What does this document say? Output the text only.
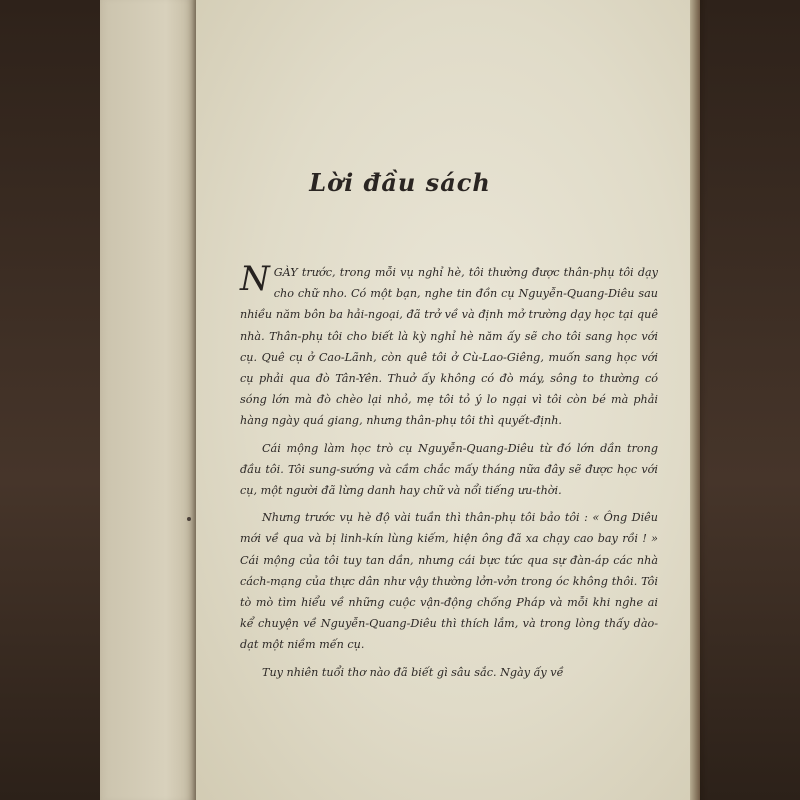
Lời đầu sách

NGÀY trước, trong mỗi vụ nghỉ hè, tôi thường được thân-phụ tôi dạy cho chữ nho. Có một bạn, nghe tin đồn cụ Nguyễn-Quang-Diêu sau nhiều năm bôn ba hải-ngoại, đã trở về và định mở trường dạy học tại quê nhà. Thân-phụ tôi cho biết là kỳ nghỉ hè năm ấy sẽ cho tôi sang học với cụ. Quê cụ ở Cao-Lãnh, còn quê tôi ở Cù-Lao-Giêng, muốn sang học với cụ phải qua đò Tân-Yên. Thuở ấy không có đò máy, sông to thường có sóng lớn mà đò chèo lại nhỏ, mẹ tôi tỏ ý lo ngại vì tôi còn bé mà phải hàng ngày quá giang, nhưng thân-phụ tôi thì quyết-định.

Cái mộng làm học trò cụ Nguyễn-Quang-Diêu từ đó lớn dần trong đầu tôi. Tôi sung-sướng và cầm chắc mấy tháng nữa đây sẽ được học với cụ, một người đã lừng danh hay chữ và nổi tiếng ưu-thời.

Nhưng trước vụ hè độ vài tuần thì thân-phụ tôi bảo tôi : « Ông Diêu mới về qua và bị linh-kín lùng kiếm, hiện ông đã xa chạy cao bay rồi ! » Cái mộng của tôi tuy tan dần, nhưng cái bực tức qua sự đàn-áp các nhà cách-mạng của thực dân như vậy thường lởn-vởn trong óc không thôi. Tôi tò mò tìm hiểu về những cuộc vận-động chống Pháp và mỗi khi nghe ai kể chuyện về Nguyễn-Quang-Diêu thì thích lắm, và trong lòng thấy dào-dạt một niềm mến cụ.

Tuy nhiên tuổi thơ nào đã biết gì sâu sắc. Ngày ấy về
